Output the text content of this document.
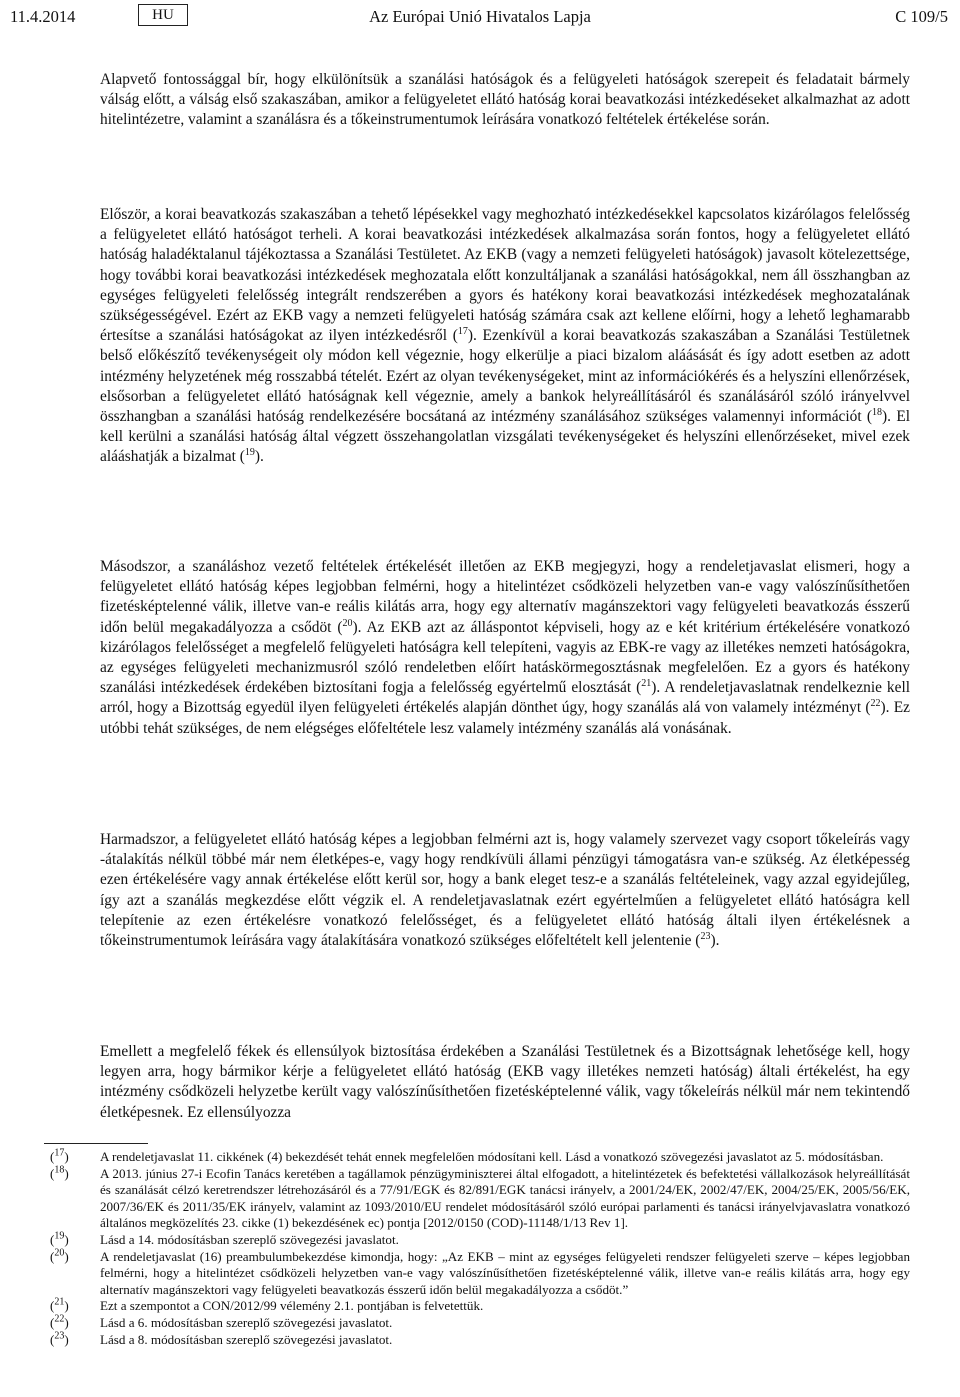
11.4.2014	HU	Az Európai Unió Hivatalos Lapja	C 109/5
Alapvető fontossággal bír, hogy elkülönítsük a szanálási hatóságok és a felügyeleti hatóságok szerepeit és feladatait bármely válság előtt, a válság első szakaszában, amikor a felügyeletet ellátó hatóság korai beavatkozási intézkedéseket alkalmazhat az adott hitelintézetre, valamint a szanálásra és a tőkeinstrumentumok leírására vonatkozó feltételek értékelése során.
Először, a korai beavatkozás szakaszában a tehető lépésekkel vagy meghozható intézkedésekkel kapcsolatos kizárólagos felelősség a felügyeletet ellátó hatóságot terheli. A korai beavatkozási intézkedések alkalmazása során fontos, hogy a felügyeletet ellátó hatóság haladéktalanul tájékoztassa a Szanálási Testületet. Az EKB (vagy a nemzeti felügyeleti hatóságok) javasolt kötelezettsége, hogy további korai beavatkozási intézkedések meghozatala előtt konzultáljanak a szanálási hatóságokkal, nem áll összhangban az egységes felügyeleti felelősség integrált rendszerében a gyors és hatékony korai beavatkozási intézkedések meghozatalának szükségességével. Ezért az EKB vagy a nemzeti felügyeleti hatóság számára csak azt kellene előírni, hogy a lehető leghamarabb értesítse a szanálási hatóságokat az ilyen intézkedésről ($^{17}$). Ezenkívül a korai beavatkozás szakaszában a Szanálási Testületnek belső előkészítő tevékenységeit oly módon kell végeznie, hogy elkerülje a piaci bizalom aláásását és így adott esetben az adott intézmény helyzetének még rosszabbá tételét. Ezért az olyan tevékenységeket, mint az információkérés és a helyszíni ellenőrzések, elsősorban a felügyeletet ellátó hatóságnak kell végeznie, amely a bankok helyreállításáról és szanálásáról szóló irányelvvel összhangban a szanálási hatóság rendelkezésére bocsátaná az intézmény szanálásához szükséges valamennyi információt ($^{18}$). El kell kerülni a szanálási hatóság által végzett összehangolatlan vizsgálati tevékenységeket és helyszíni ellenőrzéseket, mivel ezek alááshatják a bizalmat ($^{19}$).
Másodszor, a szanáláshoz vezető feltételek értékelését illetően az EKB megjegyzi, hogy a rendeletjavaslat elismeri, hogy a felügyeletet ellátó hatóság képes legjobban felmérni, hogy a hitelintézet csődközeli helyzetben van-e vagy valószínűsíthetően fizetésképtelenné válik, illetve van-e reális kilátás arra, hogy egy alternatív magánszektori vagy felügyeleti beavatkozás ésszerű időn belül megakadályozza a csődöt ($^{20}$). Az EKB azt az álláspontot képviseli, hogy az e két kritérium értékelésére vonatkozó kizárólagos felelősséget a megfelelő felügyeleti hatóságra kell telepíteni, vagyis az EBK-re vagy az illetékes nemzeti hatóságokra, az egységes felügyeleti mechanizmusról szóló rendeletben előírt hatáskörmegosztásnak megfelelően. Ez a gyors és hatékony szanálási intézkedések érdekében biztosítani fogja a felelősség egyértelmű elosztását ($^{21}$). A rendeletjavaslatnak rendelkeznie kell arról, hogy a Bizottság egyedül ilyen felügyeleti értékelés alapján dönthet úgy, hogy szanálás alá von valamely intézményt ($^{22}$). Ez utóbbi tehát szükséges, de nem elégséges előfeltétele lesz valamely intézmény szanálás alá vonásának.
Harmadszor, a felügyeletet ellátó hatóság képes a legjobban felmérni azt is, hogy valamely szervezet vagy csoport tőkeleírás vagy -átalakítás nélkül többé már nem életképes-e, vagy hogy rendkívüli állami pénzügyi támogatásra van-e szükség. Az életképesség ezen értékelésére vagy annak értékelése előtt kerül sor, hogy a bank eleget tesz-e a szanálás feltételeinek, vagy azzal egyidejűleg, így azt a szanálás megkezdése előtt végzik el. A rendeletjavaslatnak ezért egyértelműen a felügyeletet ellátó hatóságra kell telepítenie az ezen értékelésre vonatkozó felelősséget, és a felügyeletet ellátó hatóság általi ilyen értékelésnek a tőkeinstrumentumok leírására vagy átalakítására vonatkozó szükséges előfeltételt kell jelentenie ($^{23}$).
Emellett a megfelelő fékek és ellensúlyok biztosítása érdekében a Szanálási Testületnek és a Bizottságnak lehetősége kell, hogy legyen arra, hogy bármikor kérje a felügyeletet ellátó hatóság (EKB vagy illetékes nemzeti hatóság) általi értékelést, ha egy intézmény csődközeli helyzetbe került vagy valószínűsíthetően fizetésképtelenné válik, vagy tőkeleírás nélkül már nem tekintendő életképesnek. Ez ellensúlyozza

($^{17}$)	A rendeletjavaslat 11. cikkének (4) bekezdését tehát ennek megfelelően módosítani kell. Lásd a vonatkozó szövegezési javaslatot az 5. módosításban.

($^{18}$)	A 2013. június 27-i Ecofin Tanács keretében a tagállamok pénzügyminiszterei által elfogadott, a hitelintézetek és befektetési vállalkozások helyreállítását és szanálását célzó keretrendszer létrehozásáról és a 77/91/EGK és 82/891/EGK tanácsi irányelv, a 2001/24/EK, 2002/47/EK, 2004/25/EK, 2005/56/EK, 2007/36/EK és 2011/35/EK irányelv, valamint az 1093/2010/EU rendelet módosításáról szóló európai parlamenti és tanácsi irányelvjavaslatra vonatkozó általános megközelítés 23. cikke (1) bekezdésének ec) pontja [2012/0150 (COD)-11148/1/13 Rev 1].

($^{19}$)	Lásd a 14. módosításban szereplő szövegezési javaslatot.

($^{20}$)	A rendeletjavaslat (16) preambulumbekezdése kimondja, hogy: „Az EKB – mint az egységes felügyeleti rendszer felügyeleti szerve – képes legjobban felmérni, hogy a hitelintézet csődközeli helyzetben van-e vagy valószínűsíthetően fizetésképtelenné válik, illetve van-e reális kilátás arra, hogy egy alternatív magánszektori vagy felügyeleti beavatkozás ésszerű időn belül megakadályozza a csődöt.”

($^{21}$)	Ezt a szempontot a CON/2012/99 vélemény 2.1. pontjában is felvetettük.

($^{22}$)	Lásd a 6. módosításban szereplő szövegezési javaslatot.

($^{23}$)	Lásd a 8. módosításban szereplő szövegezési javaslatot.
